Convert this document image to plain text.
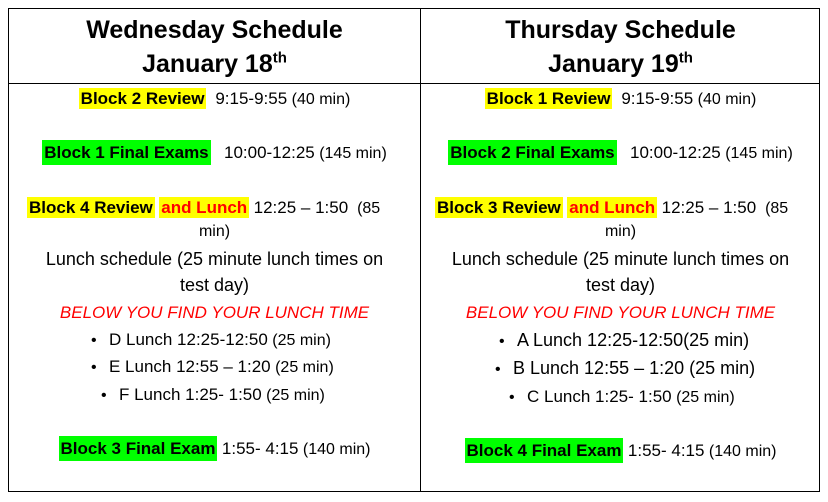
Wednesday Schedule
January 18th
Block 2 Review 9:15-9:55 (40 min)
Block 1 Final Exams 10:00-12:25 (145 min)
Block 4 Review and Lunch 12:25 – 1:50 (85
min)
Lunch schedule (25 minute lunch times on
test day)
BELOW YOU FIND YOUR LUNCH TIME
• D Lunch 12:25-12:50 (25 min)
• E Lunch 12:55 – 1:20 (25 min)
• F Lunch 1:25- 1:50 (25 min)
Block 3 Final Exam 1:55- 4:15 (140 min)
Thursday Schedule
January 19th
Block 1 Review 9:15-9:55 (40 min)
Block 2 Final Exams 10:00-12:25 (145 min)
Block 3 Review and Lunch 12:25 – 1:50 (85
min)
Lunch schedule (25 minute lunch times on
test day)
BELOW YOU FIND YOUR LUNCH TIME
• A Lunch 12:25-12:50(25 min)
• B Lunch 12:55 – 1:20 (25 min)
• C Lunch 1:25- 1:50 (25 min)
Block 4 Final Exam 1:55- 4:15 (140 min)
